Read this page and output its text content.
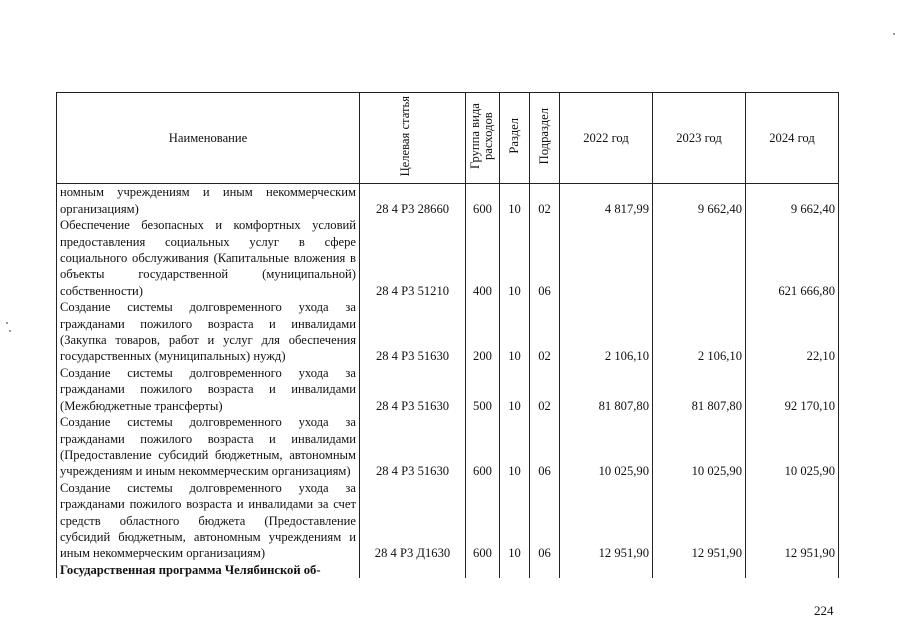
Наименование	Целевая статья	Группа вида расходов	Раздел	Подраздел	2022 год	2023 год	2024 год
номным учреждениям и иным некоммерческим организациям)	28 4 Р3 28660	600	10	02	4 817,99	9 662,40	9 662,40
Обеспечение безопасных и комфортных условий предоставления социальных услуг в сфере социального обслуживания (Капитальные вложения в объекты государственной (муниципальной) собственности)	28 4 Р3 51210	400	10	06			621 666,80
Создание системы долговременного ухода за гражданами пожилого возраста и инвалидами (Закупка товаров, работ и услуг для обеспечения государственных (муниципальных) нужд)	28 4 Р3 51630	200	10	02	2 106,10	2 106,10	22,10
Создание системы долговременного ухода за гражданами пожилого возраста и инвалидами (Межбюджетные трансферты)	28 4 Р3 51630	500	10	02	81 807,80	81 807,80	92 170,10
Создание системы долговременного ухода за гражданами пожилого возраста и инвалидами (Предоставление субсидий бюджетным, автономным учреждениям и иным некоммерческим организациям)	28 4 Р3 51630	600	10	06	10 025,90	10 025,90	10 025,90
Создание системы долговременного ухода за гражданами пожилого возраста и инвалидами за счет средств областного бюджета (Предоставление субсидий бюджетным, автономным учреждениям и иным некоммерческим организациям)	28 4 Р3 Д1630	600	10	06	12 951,90	12 951,90	12 951,90
Государственная программа Челябинской об-							
224
